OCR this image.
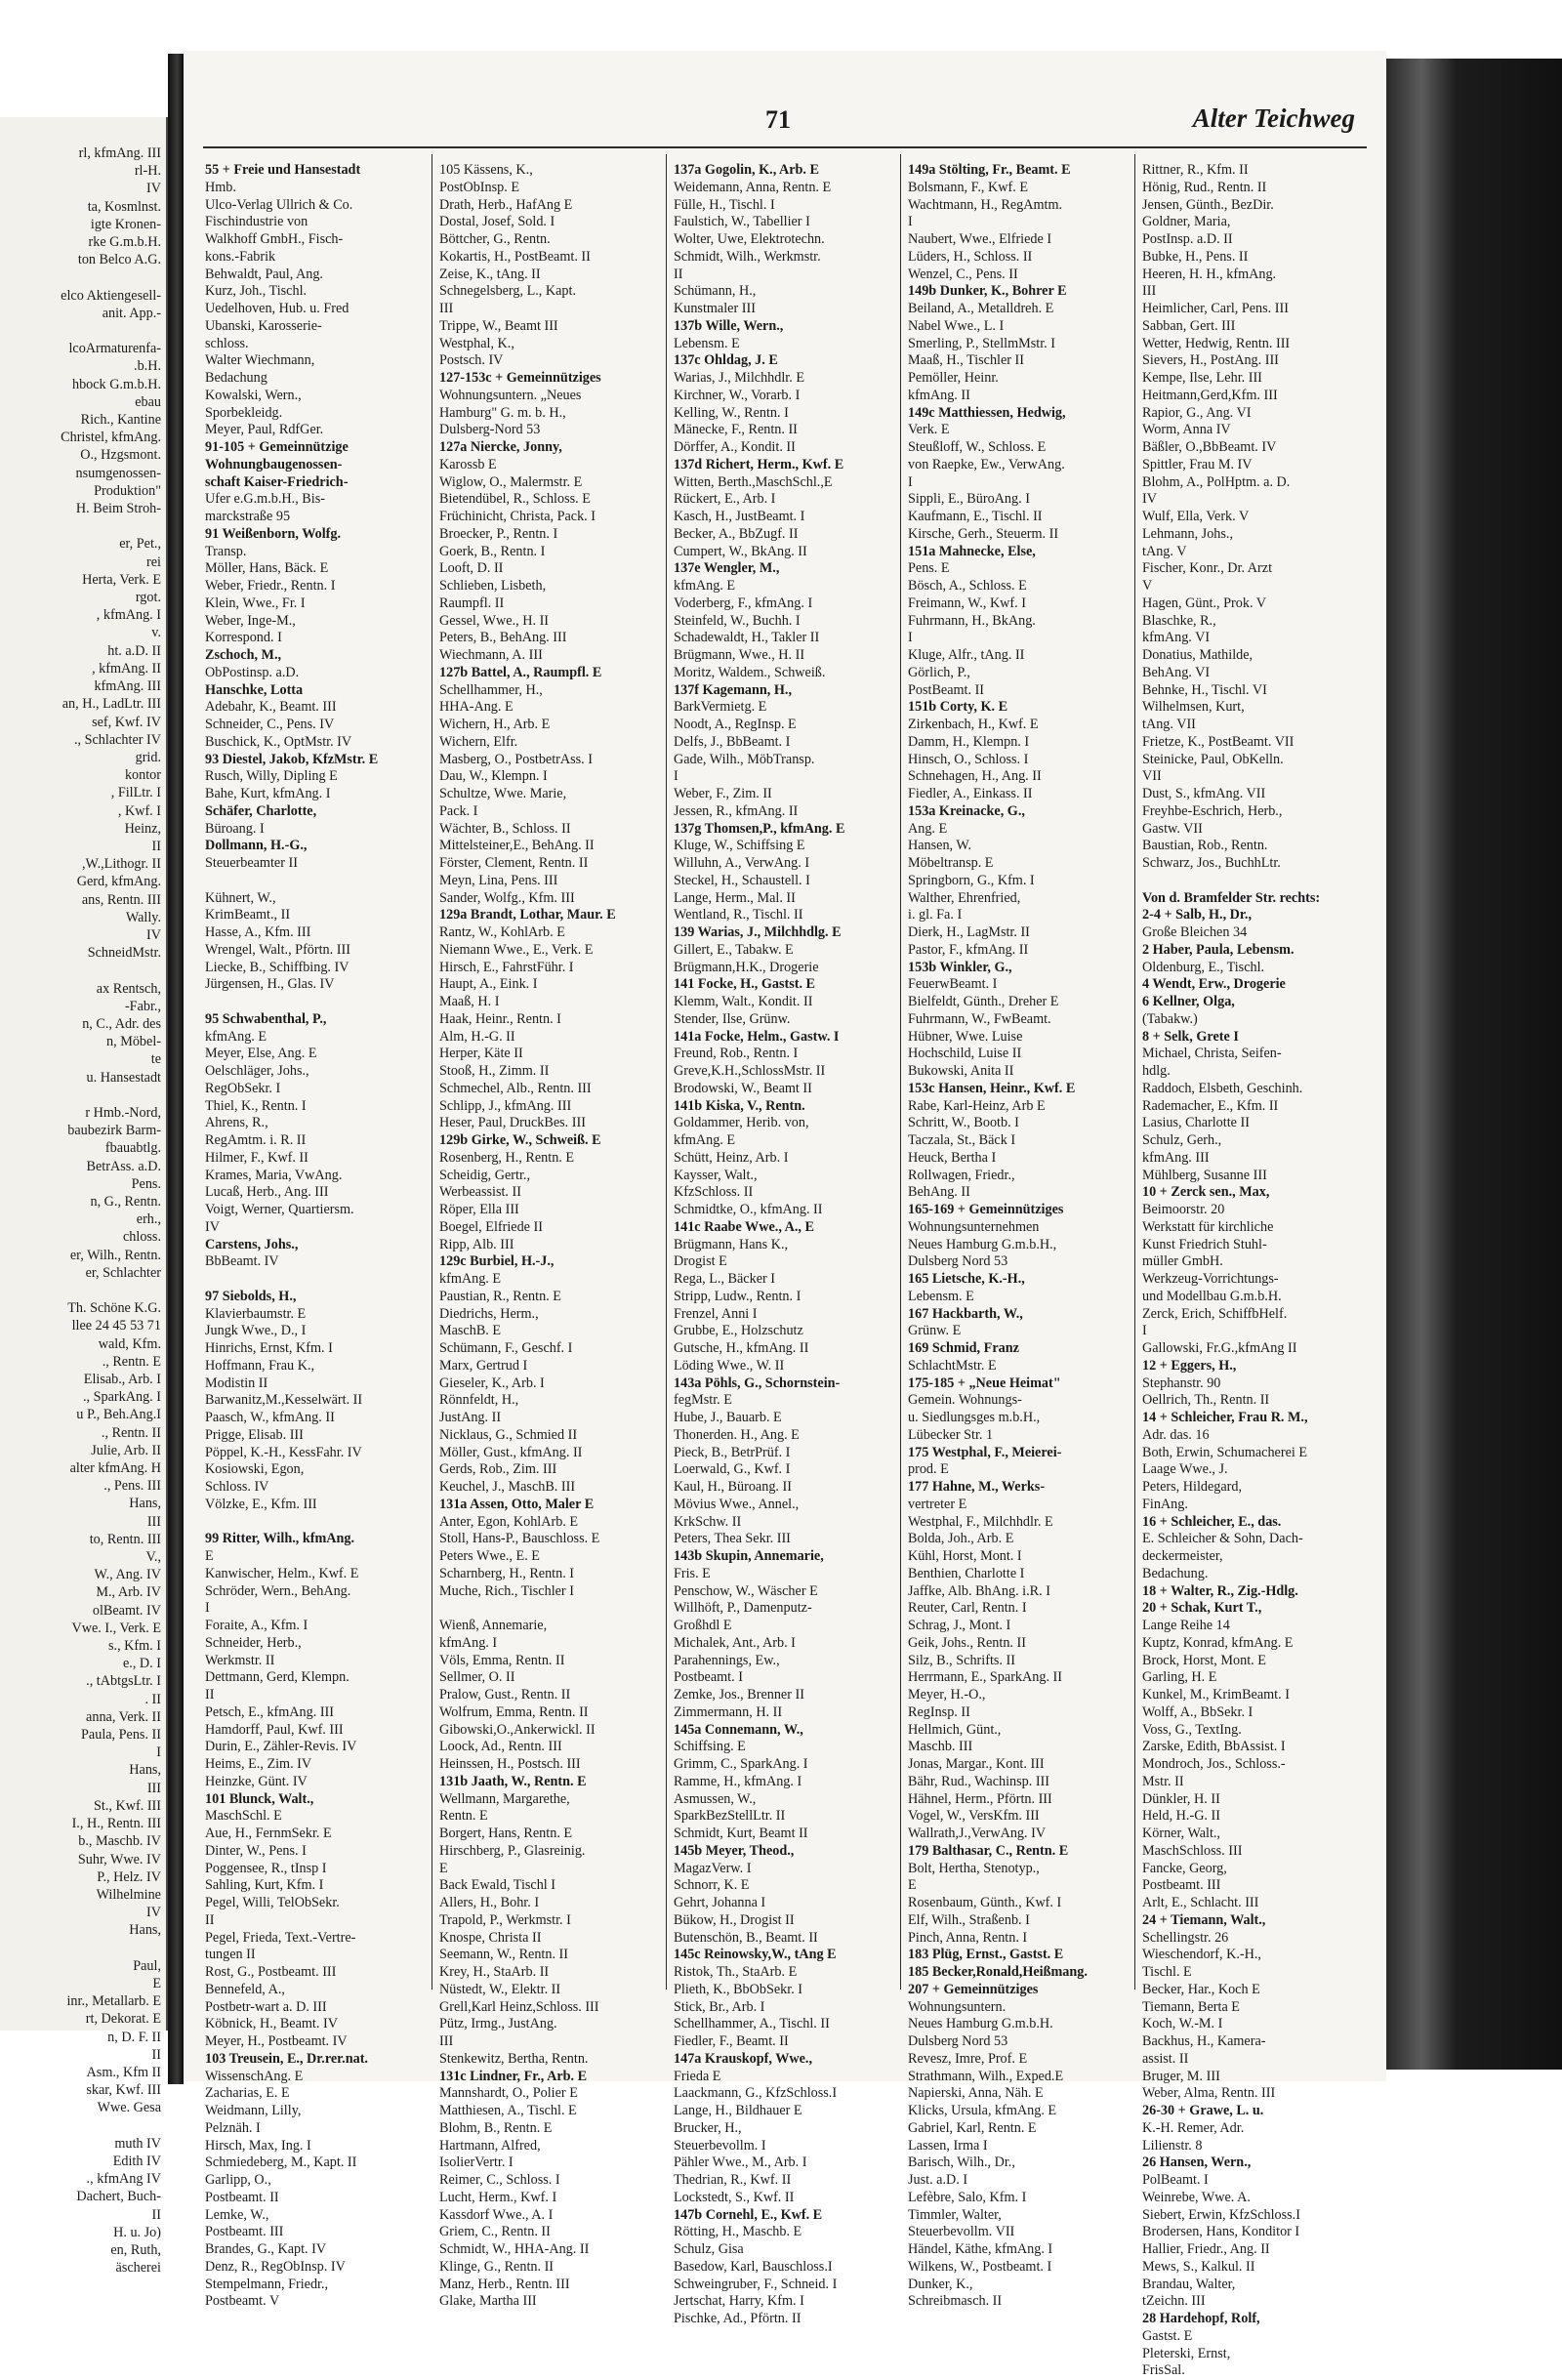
rl, kfmAng. III
rl-H.
IV
ta, Kosmlnst.
igte Kronen-
rke G.m.b.H.
ton Belco A.G.

elco Aktiengesell-
anit. App.-

lcoArmaturenfa-
.b.H.
hbock G.m.b.H.
ebau
Rich., Kantine
Christel, kfmAng.
O., Hzgsmont.
nsumgenossen-
Produktion"
H. Beim Stroh-

er, Pet.,
rei
Herta, Verk. E
rgot.
, kfmAng. I
v.
ht. a.D. II
, kfmAng. II
kfmAng. III
an, H., LadLtr. III
sef, Kwf. IV
., Schlachter IV
grid.
kontor
, FilLtr. I
, Kwf. I
Heinz,
II
,W.,Lithogr. II
Gerd, kfmAng.
ans, Rentn. III
Wally.
IV
SchneidMstr.

ax Rentsch,
-Fabr.,
n, C., Adr. des
n, Möbel-
te
u. Hansestadt

r Hmb.-Nord,
baubezirk Barm-
fbauabtlg.
BetrAss. a.D.
Pens.
n, G., Rentn.
erh.,
chloss.
er, Wilh., Rentn.
er, Schlachter

Th. Schöne K.G.
llee 24 45 53 71
wald, Kfm.
., Rentn. E
Elisab., Arb. I
., SparkAng. I
u P., Beh.Ang.I
., Rentn. II
Julie, Arb. II
alter kfmAng. H
., Pens. III
Hans,
III
to, Rentn. III
V.,
W., Ang. IV
M., Arb. IV
olBeamt. IV
Vwe. I., Verk. E
s., Kfm. I
e., D. I
., tAbtgsLtr. I
. II
anna, Verk. II
Paula, Pens. II
I
Hans,
III
St., Kwf. III
I., H., Rentn. III
b., Maschb. IV
Suhr, Wwe. IV
P., Helz. IV
Wilhelmine
IV
Hans,

Paul,
E
inr., Metallarb. E
rt, Dekorat. E
n, D. F. II
II
Asm., Kfm II
skar, Kwf. III
Wwe. Gesa

muth IV
Edith IV
., kfmAng IV
Dachert, Buch-
II
H. u. Jo)
en, Ruth,
äscherei
71	Alter Teichweg
55 + Freie und Hansestadt
Hmb.
Ulco-Verlag Ullrich & Co.
Fischindustrie von
Walkhoff GmbH., Fisch-
kons.-Fabrik
Behwaldt, Paul, Ang.
Kurz, Joh., Tischl.
Uedelhoven, Hub. u. Fred
Ubanski, Karosserie-
schloss.
Walter Wiechmann,
Bedachung
Kowalski, Wern.,
Sporbekleidg.
Meyer, Paul, RdfGer.
91-105 + Gemeinnützige
Wohnungbaugenossen-
schaft Kaiser-Friedrich-
Ufer e.G.m.b.H., Bis-
marckstraße 95
91 Weißenborn, Wolfg.
Transp.
Möller, Hans, Bäck. E
Weber, Friedr., Rentn. I
Klein, Wwe., Fr. I
Weber, Inge-M.,
Korrespond. I
Zschoch, M.,
ObPostinsp. a.D.
Hanschke, Lotta
Adebahr, K., Beamt. III
Schneider, C., Pens. IV
Buschick, K., OptMstr. IV
93 Diestel, Jakob, KfzMstr. E
Rusch, Willy, Dipling E
Bahe, Kurt, kfmAng. I
Schäfer, Charlotte,
Büroang. I
Dollmann, H.-G.,
Steuerbeamter II

Kühnert, W.,
KrimBeamt., II
Hasse, A., Kfm. III
Wrengel, Walt., Pförtn. III
Liecke, B., Schiffbing. IV
Jürgensen, H., Glas. IV

95 Schwabenthal, P.,
kfmAng. E
Meyer, Else, Ang. E
Oelschläger, Johs.,
RegObSekr. I
Thiel, K., Rentn. I
Ahrens, R.,
RegAmtm. i. R. II
Hilmer, F., Kwf. II
Krames, Maria, VwAng.
Lucaß, Herb., Ang. III
Voigt, Werner, Quartiersm.
IV
Carstens, Johs.,
BbBeamt. IV

97 Siebolds, H.,
Klavierbaumstr. E
Jungk Wwe., D., I
Hinrichs, Ernst, Kfm. I
Hoffmann, Frau K.,
Modistin II
Barwanitz,M.,Kesselwärt. II
Paasch, W., kfmAng. II
Prigge, Elisab. III
Pöppel, K.-H., KessFahr. IV
Kosiowski, Egon,
Schloss. IV
Völzke, E., Kfm. III

99 Ritter, Wilh., kfmAng.
E
Kanwischer, Helm., Kwf. E
Schröder, Wern., BehAng.
I
Foraite, A., Kfm. I
Schneider, Herb.,
Werkmstr. II
Dettmann, Gerd, Klempn.
II
Petsch, E., kfmAng. III
Hamdorff, Paul, Kwf. III
Durin, E., Zähler-Revis. IV
Heims, E., Zim. IV
Heinzke, Günt. IV
101 Blunck, Walt.,
MaschSchl. E
Aue, H., FernmSekr. E
Dinter, W., Pens. I
Poggensee, R., tInsp I
Sahling, Kurt, Kfm. I
Pegel, Willi, TelObSekr.
II
Pegel, Frieda, Text.-Vertre-
tungen II
Rost, G., Postbeamt. III
Bennefeld, A.,
Postbetr-wart a. D. III
Köbnick, H., Beamt. IV
Meyer, H., Postbeamt. IV
103 Treusein, E., Dr.rer.nat.
WissenschAng. E
Zacharias, E. E
Weidmann, Lilly,
Pelznäh. I
Hirsch, Max, Ing. I
Schmiedeberg, M., Kapt. II
Garlipp, O.,
Postbeamt. II
Lemke, W.,
Postbeamt. III
Brandes, G., Kapt. IV
Denz, R., RegObInsp. IV
Stempelmann, Friedr.,
Postbeamt. V
105 Kässens, K.,
PostObInsp. E
Drath, Herb., HafAng E
Dostal, Josef, Sold. I
Böttcher, G., Rentn.
Kokartis, H., PostBeamt. II
Zeise, K., tAng. II
Schnegelsberg, L., Kapt.
III
Trippe, W., Beamt III
Westphal, K.,
Postsch. IV
127-153c + Gemeinnütziges
Wohnungsuntern. „Neues
Hamburg" G. m. b. H.,
Dulsberg-Nord 53
127a Niercke, Jonny,
Karossb E
Wiglow, O., Malermstr. E
Bietendübel, R., Schloss. E
Früchinicht, Christa, Pack. I
Broecker, P., Rentn. I
Goerk, B., Rentn. I
Looft, D. II
Schlieben, Lisbeth,
Raumpfl. II
Gessel, Wwe., H. II
Peters, B., BehAng. III
Wiechmann, A. III
127b Battel, A., Raumpfl. E
Schellhammer, H.,
HHA-Ang. E
Wichern, H., Arb. E
Wichern, Elfr.
Masberg, O., PostbetrAss. I
Dau, W., Klempn. I
Schultze, Wwe. Marie,
Pack. I
Wächter, B., Schloss. II
Mittelsteiner,E., BehAng. II
Förster, Clement, Rentn. II
Meyn, Lina, Pens. III
Sander, Wolfg., Kfm. III
129a Brandt, Lothar, Maur. E
Rantz, W., KohlArb. E
Niemann Wwe., E., Verk. E
Hirsch, E., FahrstFühr. I
Haupt, A., Eink. I
Maaß, H. I
Haak, Heinr., Rentn. I
Alm, H.-G. II
Herper, Käte II
Stooß, H., Zimm. II
Schmechel, Alb., Rentn. III
Schlipp, J., kfmAng. III
Heser, Paul, DruckBes. III
129b Girke, W., Schweiß. E
Rosenberg, H., Rentn. E
Scheidig, Gertr.,
Werbeassist. II
Röper, Ella III
Boegel, Elfriede II
Ripp, Alb. III
129c Burbiel, H.-J.,
kfmAng. E
Paustian, R., Rentn. E
Diedrichs, Herm.,
MaschB. E
Schümann, F., Geschf. I
Marx, Gertrud I
Gieseler, K., Arb. I
Rönnfeldt, H.,
JustAng. II
Nicklaus, G., Schmied II
Möller, Gust., kfmAng. II
Gerds, Rob., Zim. III
Keuchel, J., MaschB. III
131a Assen, Otto, Maler E
Anter, Egon, KohlArb. E
Stoll, Hans-P., Bauschloss. E
Peters Wwe., E. E
Scharnberg, H., Rentn. I
Muche, Rich., Tischler I

Wienß, Annemarie,
kfmAng. I
Völs, Emma, Rentn. II
Sellmer, O. II
Pralow, Gust., Rentn. II
Wolfrum, Emma, Rentn. II
Gibowski,O.,Ankerwickl. II
Loock, Ad., Rentn. III
Heinssen, H., Postsch. III
131b Jaath, W., Rentn. E
Wellmann, Margarethe,
Rentn. E
Borgert, Hans, Rentn. E
Hirschberg, P., Glasreinig.
E
Back Ewald, Tischl I
Allers, H., Bohr. I
Trapold, P., Werkmstr. I
Knospe, Christa II
Seemann, W., Rentn. II
Krey, H., StaArb. II
Nüstedt, W., Elektr. II
Grell,Karl Heinz,Schloss. III
Pütz, Irmg., JustAng.
III
Stenkewitz, Bertha, Rentn.
131c Lindner, Fr., Arb. E
Mannshardt, O., Polier E
Matthiesen, A., Tischl. E
Blohm, B., Rentn. E
Hartmann, Alfred,
IsolierVertr. I
Reimer, C., Schloss. I
Lucht, Herm., Kwf. I
Kassdorf Wwe., A. I
Griem, C., Rentn. II
Schmidt, W., HHA-Ang. II
Klinge, G., Rentn. II
Manz, Herb., Rentn. III
Glake, Martha III
137a Gogolin, K., Arb. E
Weidemann, Anna, Rentn. E
Fülle, H., Tischl. I
Faulstich, W., Tabellier I
Wolter, Uwe, Elektrotechn.
Schmidt, Wilh., Werkmstr.
II
Schümann, H.,
Kunstmaler III
137b Wille, Wern.,
Lebensm. E
137c Ohldag, J. E
Warias, J., Milchhdlr. E
Kirchner, W., Vorarb. I
Kelling, W., Rentn. I
Mänecke, F., Rentn. II
Dörffer, A., Kondit. II
137d Richert, Herm., Kwf. E
Witten, Berth.,MaschSchl.,E
Rückert, E., Arb. I
Kasch, H., JustBeamt. I
Becker, A., BbZugf. II
Cumpert, W., BkAng. II
137e Wengler, M.,
kfmAng. E
Voderberg, F., kfmAng. I
Steinfeld, W., Buchh. I
Schadewaldt, H., Takler II
Brügmann, Wwe., H. II
Moritz, Waldem., Schweiß.
137f Kagemann, H.,
BarkVermietg. E
Noodt, A., RegInsp. E
Delfs, J., BbBeamt. I
Gade, Wilh., MöbTransp.
I
Weber, F., Zim. II
Jessen, R., kfmAng. II
137g Thomsen,P., kfmAng. E
Kluge, W., Schiffsing E
Willuhn, A., VerwAng. I
Steckel, H., Schaustell. I
Lange, Herm., Mal. II
Wentland, R., Tischl. II
139 Warias, J., Milchhdlg. E
Gillert, E., Tabakw. E
Brügmann,H.K., Drogerie
141 Focke, H., Gastst. E
Klemm, Walt., Kondit. II
Stender, Ilse, Grünw.
141a Focke, Helm., Gastw. I
Freund, Rob., Rentn. I
Greve,K.H.,SchlossMstr. II
Brodowski, W., Beamt II
141b Kiska, V., Rentn.
Goldammer, Herib. von,
kfmAng. E
Schütt, Heinz, Arb. I
Kaysser, Walt.,
KfzSchloss. II
Schmidtke, O., kfmAng. II
141c Raabe Wwe., A., E
Brügmann, Hans K.,
Drogist E
Rega, L., Bäcker I
Stripp, Ludw., Rentn. I
Frenzel, Anni I
Grubbe, E., Holzschutz
Gutsche, H., kfmAng. II
Löding Wwe., W. II
143a Pöhls, G., Schornstein-
fegMstr. E
Hube, J., Bauarb. E
Thonerden. H., Ang. E
Pieck, B., BetrPrüf. I
Loerwald, G., Kwf. I
Kaul, H., Büroang. II
Mövius Wwe., Annel.,
KrkSchw. II
Peters, Thea Sekr. III
143b Skupin, Annemarie,
Fris. E
Penschow, W., Wäscher E
Willhöft, P., Damenputz-
Großhdl E
Michalek, Ant., Arb. I
Parahennings, Ew.,
Postbeamt. I
Zemke, Jos., Brenner II
Zimmermann, H. II
145a Connemann, W.,
Schiffsing. E
Grimm, C., SparkAng. I
Ramme, H., kfmAng. I
Asmussen, W.,
SparkBezStellLtr. II
Schmidt, Kurt, Beamt II
145b Meyer, Theod.,
MagazVerw. I
Schnorr, K. E
Gehrt, Johanna I
Bükow, H., Drogist II
Butenschön, B., Beamt. II
145c Reinowsky,W., tAng E
Ristok, Th., StaArb. E
Plieth, K., BbObSekr. I
Stick, Br., Arb. I
Schellhammer, A., Tischl. II
Fiedler, F., Beamt. II
147a Krauskopf, Wwe.,
Frieda E
Laackmann, G., KfzSchloss.I
Lange, H., Bildhauer E
Brucker, H.,
Steuerbevollm. I
Pähler Wwe., M., Arb. I
Thedrian, R., Kwf. II
Lockstedt, S., Kwf. II
147b Cornehl, E., Kwf. E
Rötting, H., Maschb. E
Schulz, Gisa
Basedow, Karl, Bauschloss.I
Schweingruber, F., Schneid. I
Jertschat, Harry, Kfm. I
Pischke, Ad., Pförtn. II
149a Stölting, Fr., Beamt. E
Bolsmann, F., Kwf. E
Wachtmann, H., RegAmtm.
I
Naubert, Wwe., Elfriede I
Lüders, H., Schloss. II
Wenzel, C., Pens. II
149b Dunker, K., Bohrer E
Beiland, A., Metalldreh. E
Nabel Wwe., L. I
Smerling, P., StellmMstr. I
Maaß, H., Tischler II
Pemöller, Heinr.
kfmAng. II
149c Matthiessen, Hedwig,
Verk. E
Steußloff, W., Schloss. E
von Raepke, Ew., VerwAng.
I
Sippli, E., BüroAng. I
Kaufmann, E., Tischl. II
Kirsche, Gerh., Steuerm. II
151a Mahnecke, Else,
Pens. E
Bösch, A., Schloss. E
Freimann, W., Kwf. I
Fuhrmann, H., BkAng.
I
Kluge, Alfr., tAng. II
Görlich, P.,
PostBeamt. II
151b Corty, K. E
Zirkenbach, H., Kwf. E
Damm, H., Klempn. I
Hinsch, O., Schloss. I
Schnehagen, H., Ang. II
Fiedler, A., Einkass. II
153a Kreinacke, G.,
Ang. E
Hansen, W.
Möbeltransp. E
Springborn, G., Kfm. I
Walther, Ehrenfried,
i. gl. Fa. I
Dierk, H., LagMstr. II
Pastor, F., kfmAng. II
153b Winkler, G.,
FeuerwBeamt. I
Bielfeldt, Günth., Dreher E
Fuhrmann, W., FwBeamt.
Hübner, Wwe. Luise
Hochschild, Luise II
Bukowski, Anita II
153c Hansen, Heinr., Kwf. E
Rabe, Karl-Heinz, Arb E
Schritt, W., Bootb. I
Taczala, St., Bäck I
Heuck, Bertha I
Rollwagen, Friedr.,
BehAng. II
165-169 + Gemeinnütziges
Wohnungsunternehmen
Neues Hamburg G.m.b.H.,
Dulsberg Nord 53
165 Lietsche, K.-H.,
Lebensm. E
167 Hackbarth, W.,
Grünw. E
169 Schmid, Franz
SchlachtMstr. E
175-185 + „Neue Heimat"
Gemein. Wohnungs-
u. Siedlungsges m.b.H.,
Lübecker Str. 1
175 Westphal, F., Meierei-
prod. E
177 Hahne, M., Werks-
vertreter E
Westphal, F., Milchhdlr. E
Bolda, Joh., Arb. E
Kühl, Horst, Mont. I
Benthien, Charlotte I
Jaffke, Alb. BhAng. i.R. I
Reuter, Carl, Rentn. I
Schrag, J., Mont. I
Geik, Johs., Rentn. II
Silz, B., Schrifts. II
Herrmann, E., SparkAng. II
Meyer, H.-O.,
RegInsp. II
Hellmich, Günt.,
Maschb. III
Jonas, Margar., Kont. III
Bähr, Rud., Wachinsp. III
Hähnel, Herm., Pförtn. III
Vogel, W., VersKfm. III
Wallrath,J.,VerwAng. IV
179 Balthasar, C., Rentn. E
Bolt, Hertha, Stenotyp.,
E
Rosenbaum, Günth., Kwf. I
Elf, Wilh., Straßenb. I
Pinch, Anna, Rentn. I
183 Plüg, Ernst., Gastst. E
185 Becker,Ronald,Heißmang.
207 + Gemeinnütziges
Wohnungsuntern.
Neues Hamburg G.m.b.H.
Dulsberg Nord 53
Revesz, Imre, Prof. E
Strathmann, Wilh., Exped.E
Napierski, Anna, Näh. E
Klicks, Ursula, kfmAng. E
Gabriel, Karl, Rentn. E
Lassen, Irma I
Barisch, Wilh., Dr.,
Just. a.D. I
Lefèbre, Salo, Kfm. I
Timmler, Walter,
Steuerbevollm. VII
Händel, Käthe, kfmAng. I
Wilkens, W., Postbeamt. I
Dunker, K.,
Schreibmasch. II
Rittner, R., Kfm. II
Hönig, Rud., Rentn. II
Jensen, Günth., BezDir.
Goldner, Maria,
PostInsp. a.D. II
Bubke, H., Pens. II
Heeren, H. H., kfmAng.
III
Heimlicher, Carl, Pens. III
Sabban, Gert. III
Wetter, Hedwig, Rentn. III
Sievers, H., PostAng. III
Kempe, Ilse, Lehr. III
Heitmann,Gerd,Kfm. III
Rapior, G., Ang. VI
Worm, Anna IV
Bäßler, O.,BbBeamt. IV
Spittler, Frau M. IV
Blohm, A., PolHptm. a. D.
IV
Wulf, Ella, Verk. V
Lehmann, Johs.,
tAng. V
Fischer, Konr., Dr. Arzt
V
Hagen, Günt., Prok. V
Blaschke, R.,
kfmAng. VI
Donatius, Mathilde,
BehAng. VI
Behnke, H., Tischl. VI
Wilhelmsen, Kurt,
tAng. VII
Frietze, K., PostBeamt. VII
Steinicke, Paul, ObKelln.
VII
Dust, S., kfmAng. VII
Freyhbe-Eschrich, Herb.,
Gastw. VII
Baustian, Rob., Rentn.
Schwarz, Jos., BuchhLtr.

Von d. Bramfelder Str. rechts:
2-4 + Salb, H., Dr.,
Große Bleichen 34
2 Haber, Paula, Lebensm.
Oldenburg, E., Tischl.
4 Wendt, Erw., Drogerie
6 Kellner, Olga,
(Tabakw.)
8 + Selk, Grete I
Michael, Christa, Seifen-
hdlg.
Raddoch, Elsbeth, Geschinh.
Rademacher, E., Kfm. II
Lasius, Charlotte II
Schulz, Gerh.,
kfmAng. III
Mühlberg, Susanne III
10 + Zerck sen., Max,
Beimoorstr. 20
Werkstatt für kirchliche
Kunst Friedrich Stuhl-
müller GmbH.
Werkzeug-Vorrichtungs-
und Modellbau G.m.b.H.
Zerck, Erich, SchiffbHelf.
I
Gallowski, Fr.G.,kfmAng II
12 + Eggers, H.,
Stephanstr. 90
Oellrich, Th., Rentn. II
14 + Schleicher, Frau R. M.,
Adr. das. 16
Both, Erwin, Schumacherei E
Laage Wwe., J.
Peters, Hildegard,
FinAng.
16 + Schleicher, E., das.
E. Schleicher & Sohn, Dach-
deckermeister,
Bedachung.
18 + Walter, R., Zig.-Hdlg.
20 + Schak, Kurt T.,
Lange Reihe 14
Kuptz, Konrad, kfmAng. E
Brock, Horst, Mont. E
Garling, H. E
Kunkel, M., KrimBeamt. I
Wolff, A., BbSekr. I
Voss, G., TextIng.
Zarske, Edith, BbAssist. I
Mondroch, Jos., Schloss.-
Mstr. II
Dünkler, H. II
Held, H.-G. II
Körner, Walt.,
MaschSchloss. III
Fancke, Georg,
Postbeamt. III
Arlt, E., Schlacht. III
24 + Tiemann, Walt.,
Schellingstr. 26
Wieschendorf, K.-H.,
Tischl. E
Becker, Har., Koch E
Tiemann, Berta E
Koch, W.-M. I
Backhus, H., Kamera-
assist. II
Bruger, M. III
Weber, Alma, Rentn. III
26-30 + Grawe, L. u.
K.-H. Remer, Adr.
Lilienstr. 8
26 Hansen, Wern.,
PolBeamt. I
Weinrebe, Wwe. A.
Siebert, Erwin, KfzSchloss.I
Brodersen, Hans, Konditor I
Hallier, Friedr., Ang. II
Mews, S., Kalkul. II
Brandau, Walter,
tZeichn. III
28 Hardehopf, Rolf,
Gastst. E
Pleterski, Ernst,
FrisSal.
